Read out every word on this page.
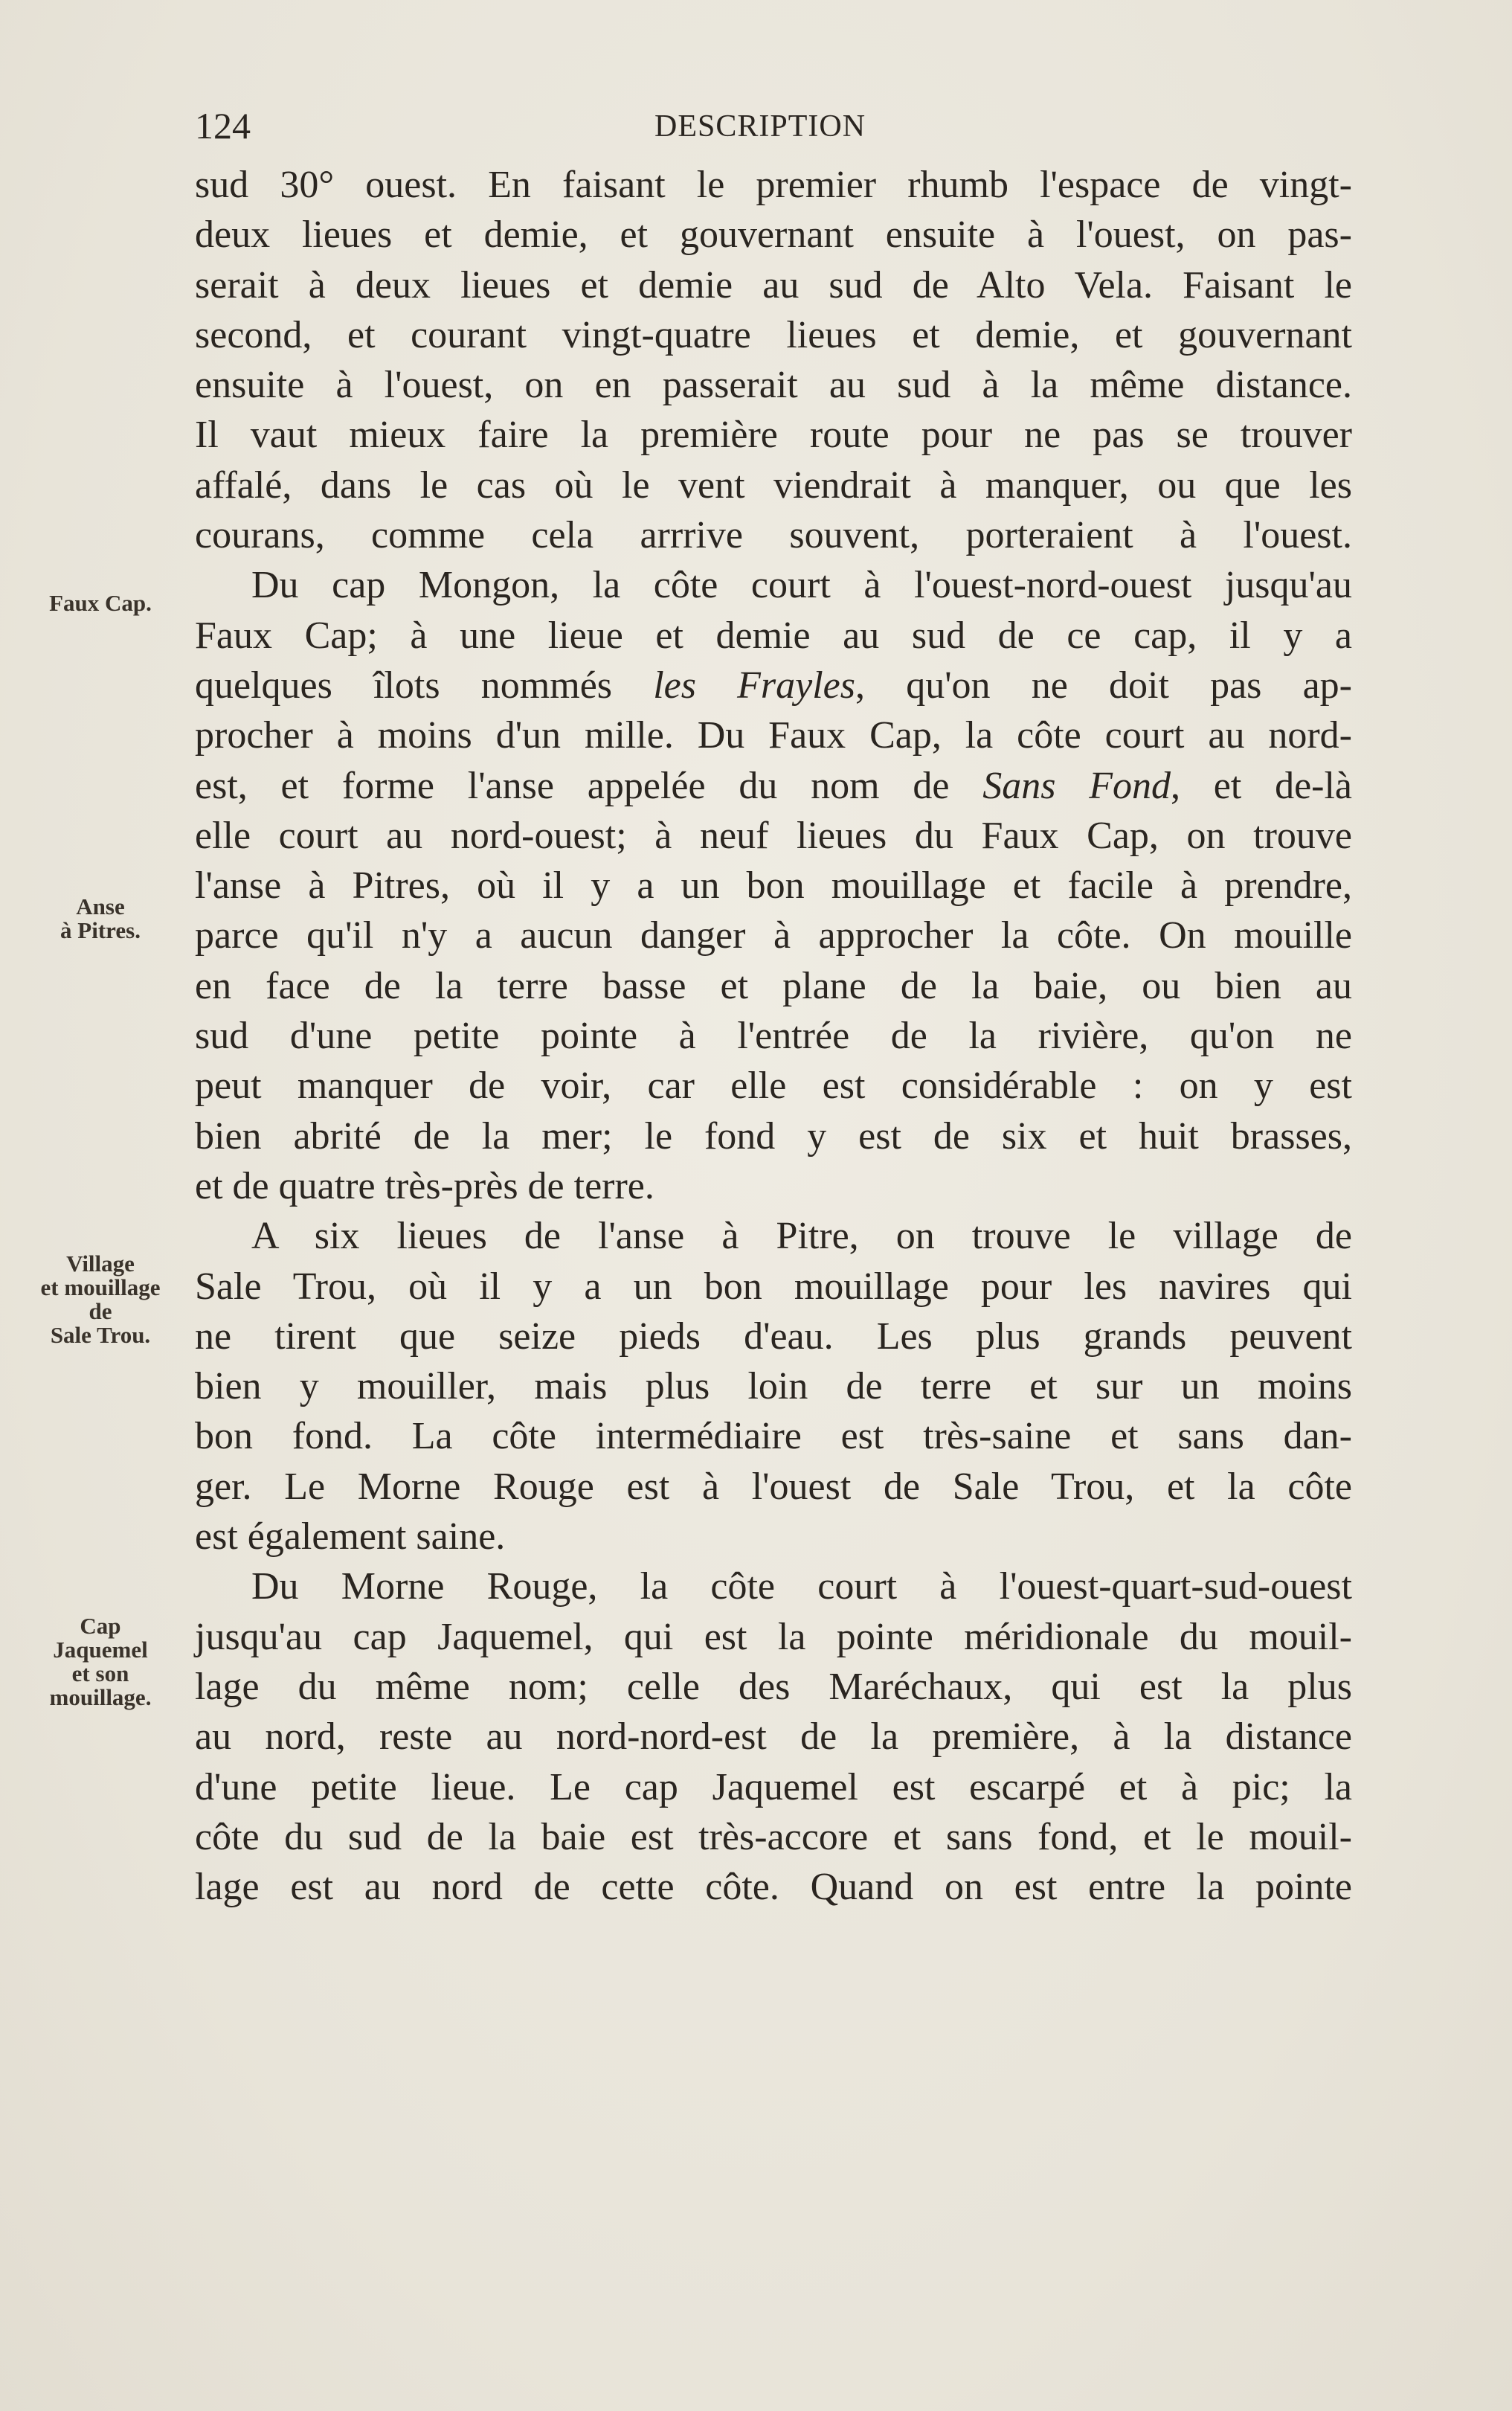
124	DESCRIPTION
Faux Cap.
Anse
à Pitres.
Village
et mouillage
de
Sale Trou.
Cap
Jaquemel
et son
mouillage.
sud 30° ouest. En faisant le premier rhumb l'espace de vingt-
deux lieues et demie, et gouvernant ensuite à l'ouest, on pas-
serait à deux lieues et demie au sud de Alto Vela. Faisant le
second, et courant vingt-quatre lieues et demie, et gouvernant
ensuite à l'ouest, on en passerait au sud à la même distance.
Il vaut mieux faire la première route pour ne pas se trouver
affalé, dans le cas où le vent viendrait à manquer, ou que les
courans, comme cela arrrive souvent, porteraient à l'ouest.
Du cap Mongon, la côte court à l'ouest-nord-ouest jusqu'au
Faux Cap; à une lieue et demie au sud de ce cap, il y a
quelques îlots nommés les Frayles, qu'on ne doit pas ap-
procher à moins d'un mille. Du Faux Cap, la côte court au nord-
est, et forme l'anse appelée du nom de Sans Fond, et de-là
elle court au nord-ouest; à neuf lieues du Faux Cap, on trouve
l'anse à Pitres, où il y a un bon mouillage et facile à prendre,
parce qu'il n'y a aucun danger à approcher la côte. On mouille
en face de la terre basse et plane de la baie, ou bien au
sud d'une petite pointe à l'entrée de la rivière, qu'on ne
peut manquer de voir, car elle est considérable : on y est
bien abrité de la mer; le fond y est de six et huit brasses,
et de quatre très-près de terre.
A six lieues de l'anse à Pitre, on trouve le village de
Sale Trou, où il y a un bon mouillage pour les navires qui
ne tirent que seize pieds d'eau. Les plus grands peuvent
bien y mouiller, mais plus loin de terre et sur un moins
bon fond. La côte intermédiaire est très-saine et sans dan-
ger. Le Morne Rouge est à l'ouest de Sale Trou, et la côte
est également saine.
Du Morne Rouge, la côte court à l'ouest-quart-sud-ouest
jusqu'au cap Jaquemel, qui est la pointe méridionale du mouil-
lage du même nom; celle des Maréchaux, qui est la plus
au nord, reste au nord-nord-est de la première, à la distance
d'une petite lieue. Le cap Jaquemel est escarpé et à pic; la
côte du sud de la baie est très-accore et sans fond, et le mouil-
lage est au nord de cette côte. Quand on est entre la pointe
